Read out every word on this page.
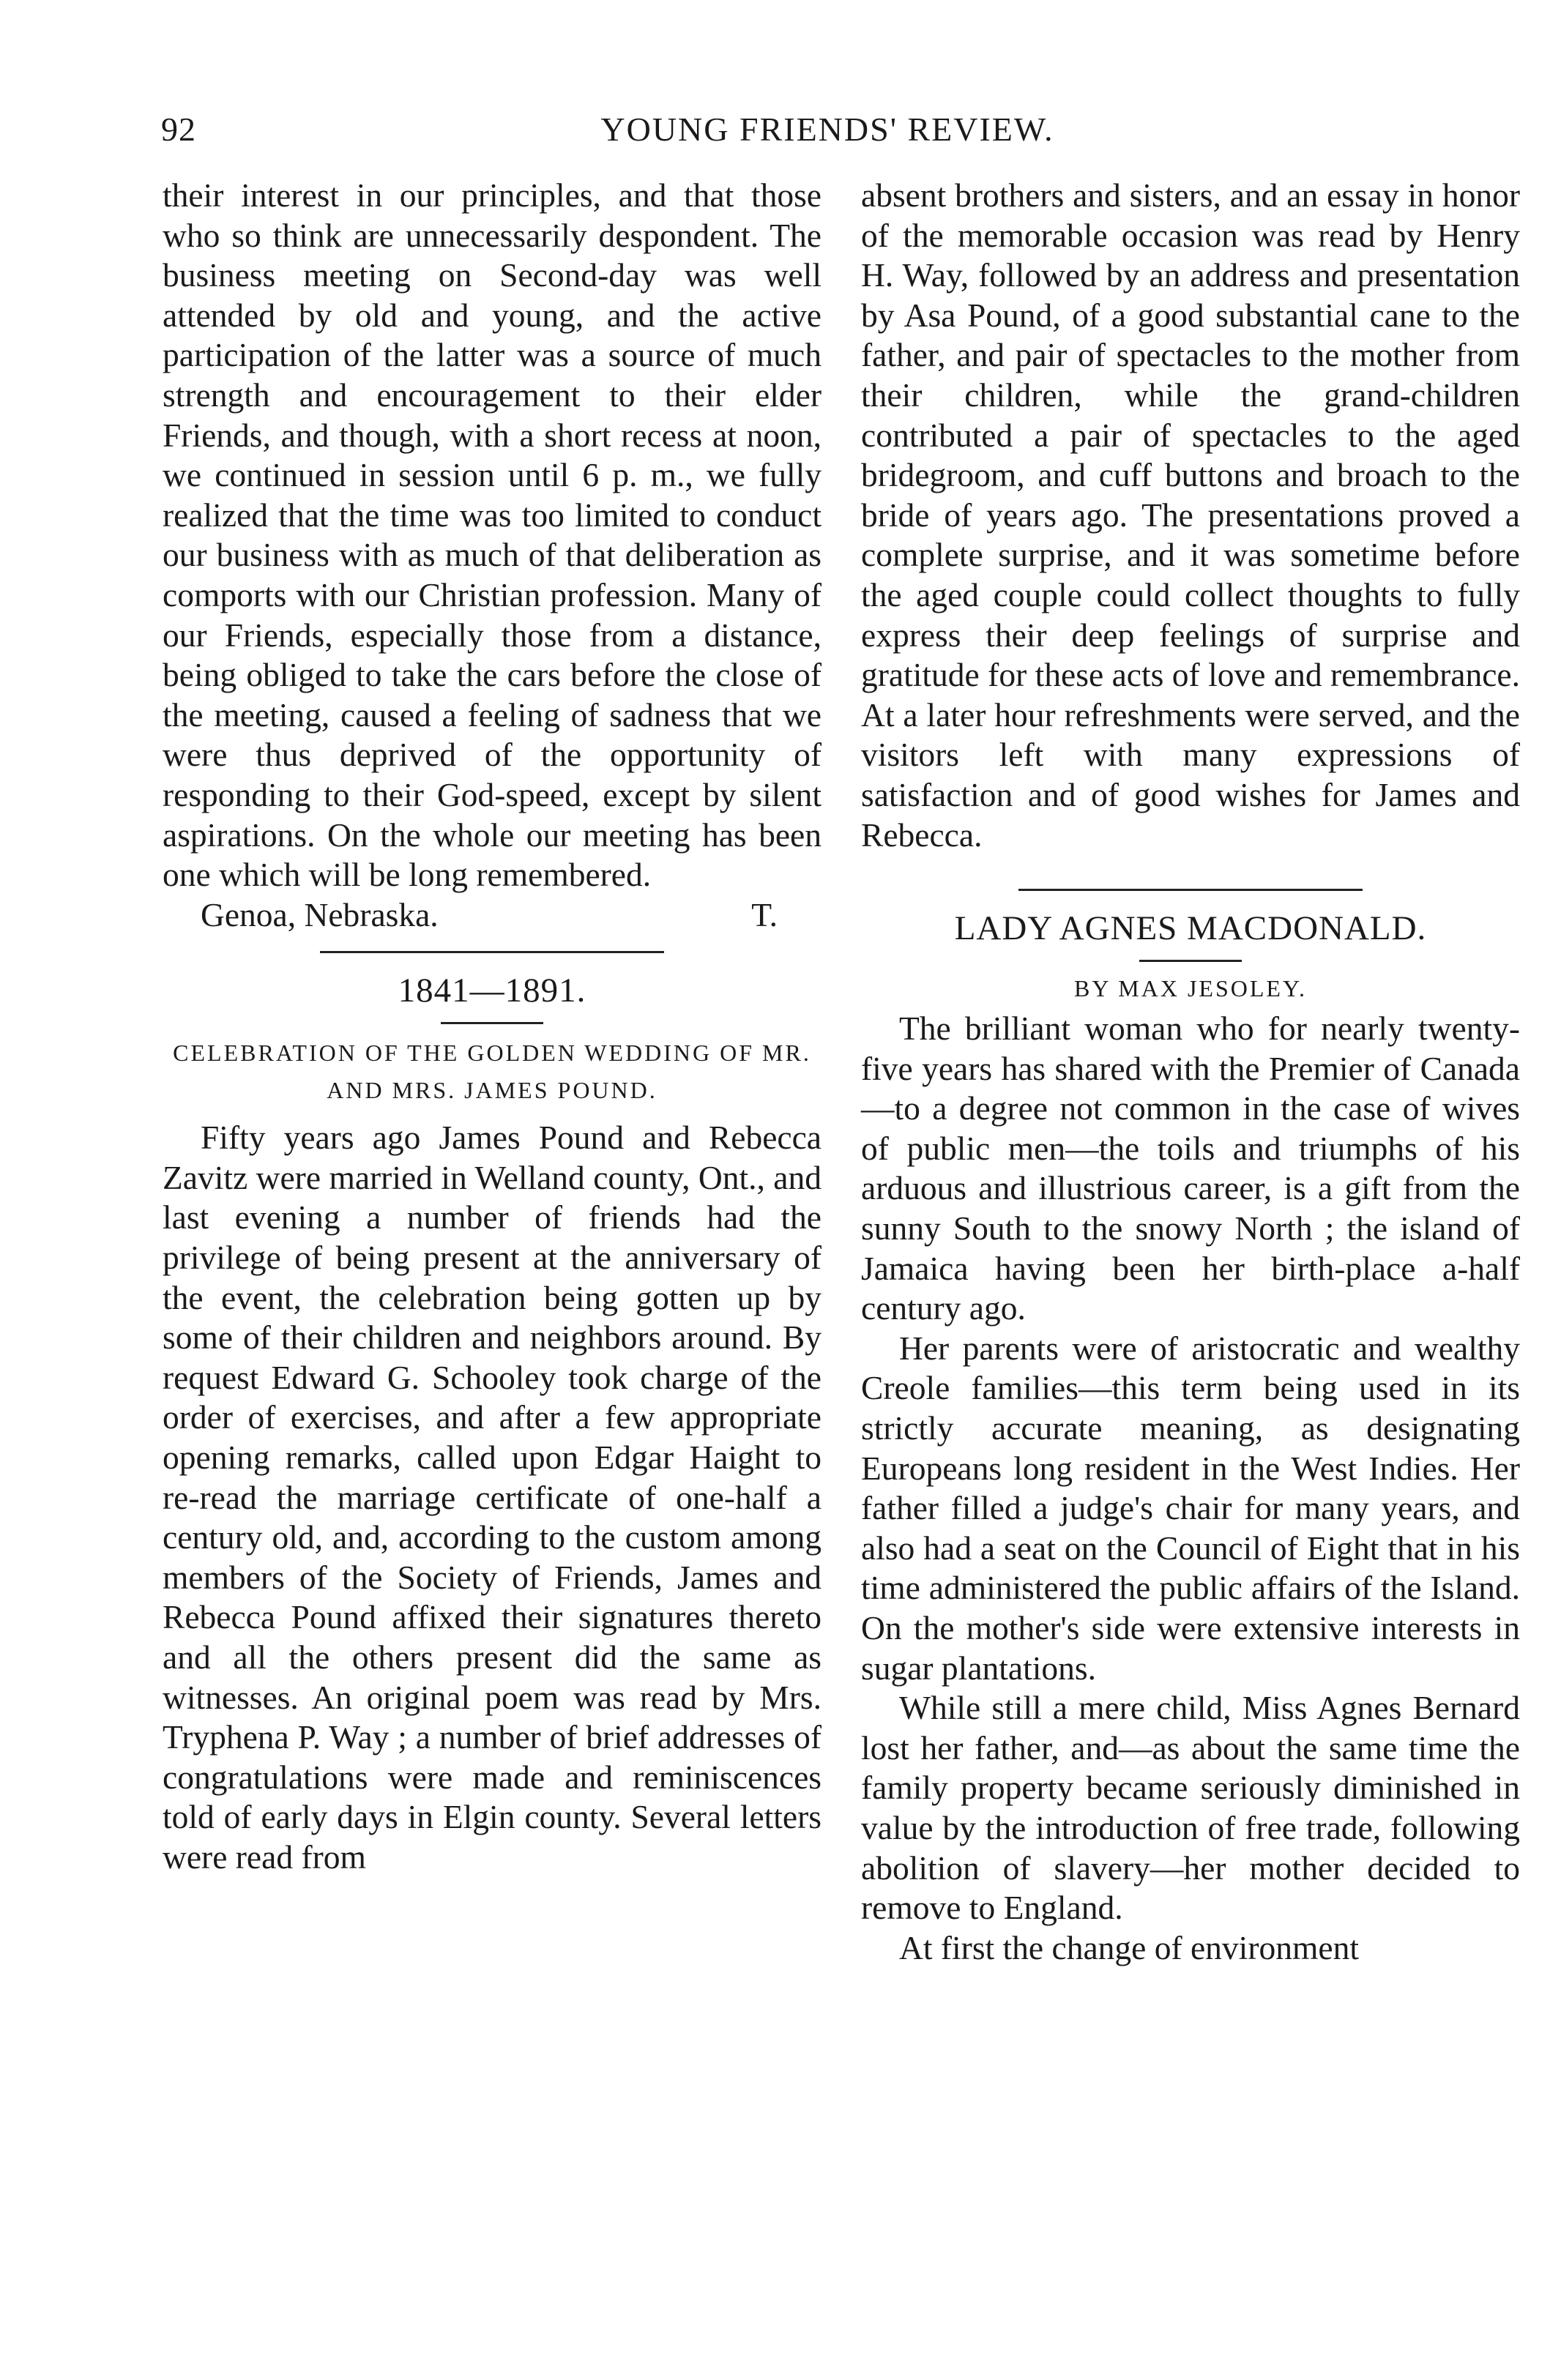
92	YOUNG FRIENDS' REVIEW.

their interest in our principles, and that those who so think are unnecessarily despondent. The business meeting on Second-day was well attended by old and young, and the active participation of the latter was a source of much strength and encouragement to their elder Friends, and though, with a short recess at noon, we continued in session until 6 p. m., we fully realized that the time was too limited to conduct our business with as much of that deliberation as comports with our Christian profession. Many of our Friends, especially those from a distance, being obliged to take the cars before the close of the meeting, caused a feeling of sadness that we were thus deprived of the opportunity of responding to their God-speed, except by silent aspirations. On the whole our meeting has been one which will be long remembered.

Genoa, Nebraska.	T.
1841—1891.
CELEBRATION OF THE GOLDEN WEDDING OF MR. AND MRS. JAMES POUND.

Fifty years ago James Pound and Rebecca Zavitz were married in Welland county, Ont., and last evening a number of friends had the privilege of being present at the anniversary of the event, the celebration being gotten up by some of their children and neighbors around. By request Edward G. Schooley took charge of the order of exercises, and after a few appropriate opening remarks, called upon Edgar Haight to re-read the marriage certificate of one-half a century old, and, according to the custom among members of the Society of Friends, James and Rebecca Pound affixed their signatures thereto and all the others present did the same as witnesses. An original poem was read by Mrs. Tryphena P. Way ; a number of brief addresses of congratulations were made and reminiscences told of early days in Elgin county. Several letters were read from

absent brothers and sisters, and an essay in honor of the memorable occasion was read by Henry H. Way, followed by an address and presentation by Asa Pound, of a good substantial cane to the father, and pair of spectacles to the mother from their children, while the grand-children contributed a pair of spectacles to the aged bridegroom, and cuff buttons and broach to the bride of years ago. The presentations proved a complete surprise, and it was sometime before the aged couple could collect thoughts to fully express their deep feelings of surprise and gratitude for these acts of love and remembrance. At a later hour refreshments were served, and the visitors left with many expressions of satisfaction and of good wishes for James and Rebecca.

LADY AGNES MACDONALD.
BY MAX JESOLEY.

The brilliant woman who for nearly twenty-five years has shared with the Premier of Canada—to a degree not common in the case of wives of public men—the toils and triumphs of his arduous and illustrious career, is a gift from the sunny South to the snowy North ; the island of Jamaica having been her birth-place a-half century ago.

Her parents were of aristocratic and wealthy Creole families—this term being used in its strictly accurate meaning, as designating Europeans long resident in the West Indies. Her father filled a judge's chair for many years, and also had a seat on the Council of Eight that in his time administered the public affairs of the Island. On the mother's side were extensive interests in sugar plantations.

While still a mere child, Miss Agnes Bernard lost her father, and—as about the same time the family property became seriously diminished in value by the introduction of free trade, following abolition of slavery—her mother decided to remove to England.

At first the change of environment
